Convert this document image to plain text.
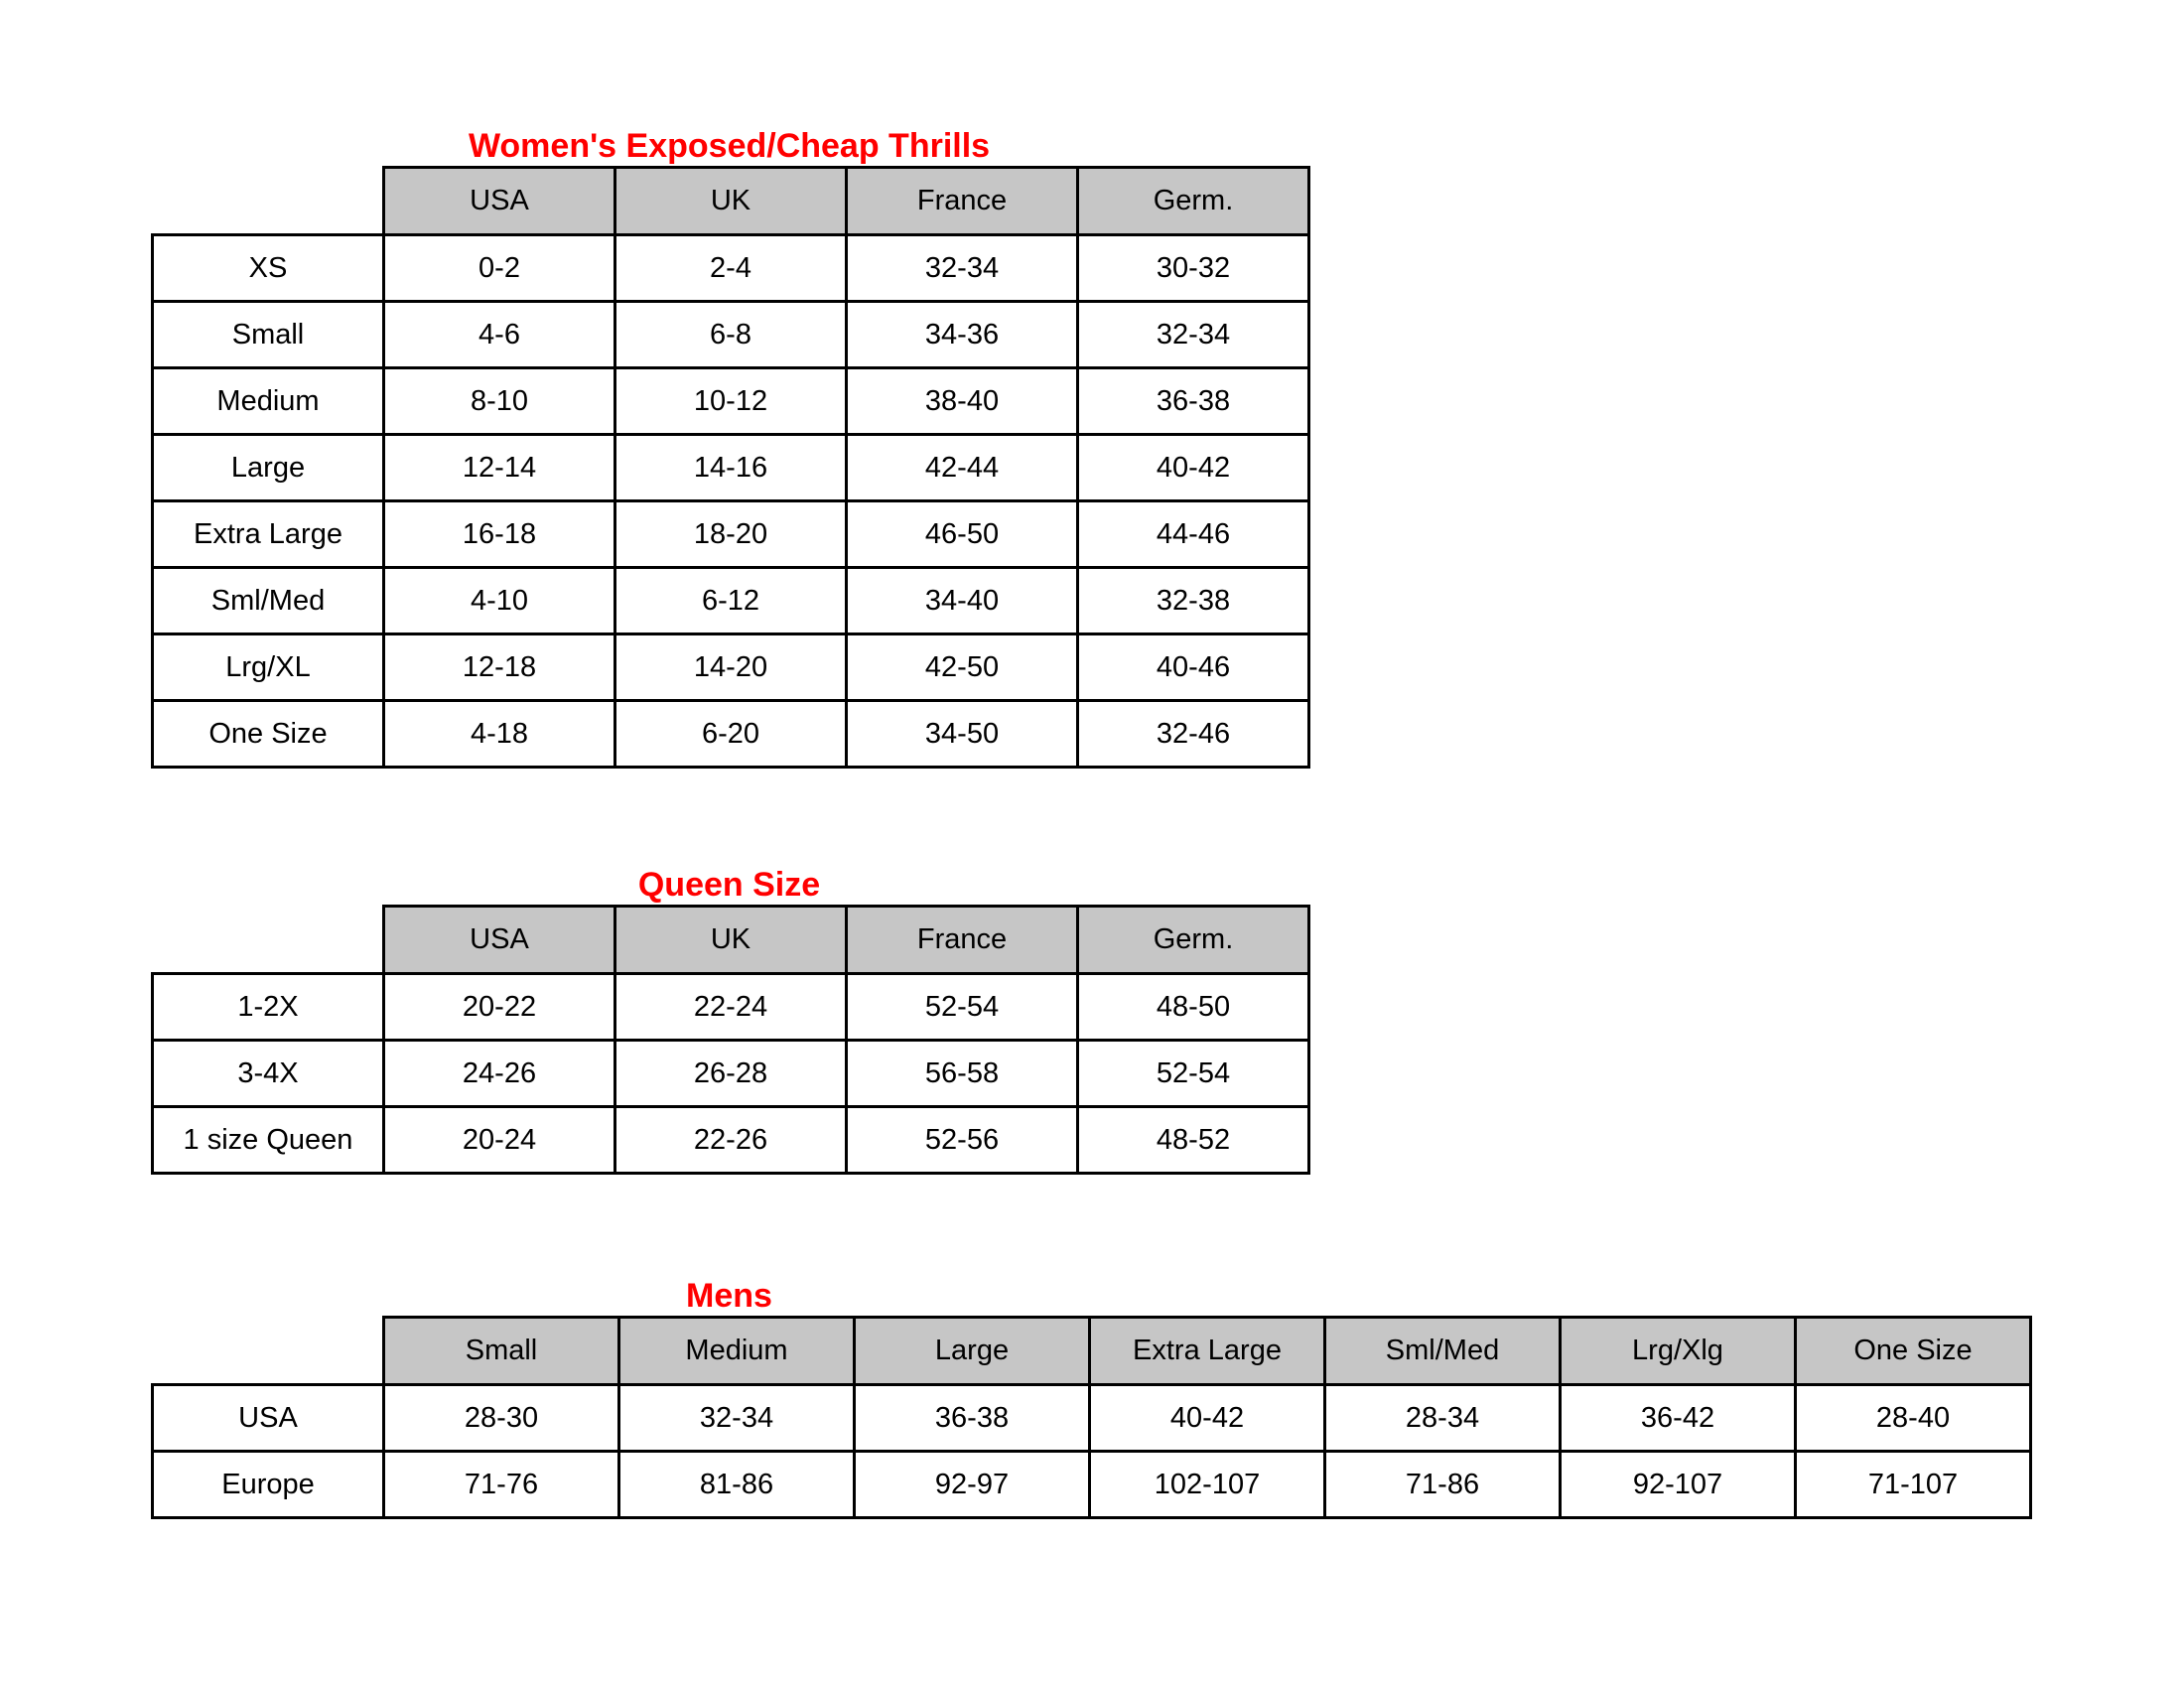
Women's Exposed/Cheap Thrills
	USA	UK	France	Germ.
XS	0-2	2-4	32-34	30-32
Small	4-6	6-8	34-36	32-34
Medium	8-10	10-12	38-40	36-38
Large	12-14	14-16	42-44	40-42
Extra Large	16-18	18-20	46-50	44-46
Sml/Med	4-10	6-12	34-40	32-38
Lrg/XL	12-18	14-20	42-50	40-46
One Size	4-18	6-20	34-50	32-46
Queen Size
	USA	UK	France	Germ.
1-2X	20-22	22-24	52-54	48-50
3-4X	24-26	26-28	56-58	52-54
1 size Queen	20-24	22-26	52-56	48-52
Mens
	Small	Medium	Large	Extra Large	Sml/Med	Lrg/Xlg	One Size
USA	28-30	32-34	36-38	40-42	28-34	36-42	28-40
Europe	71-76	81-86	92-97	102-107	71-86	92-107	71-107
